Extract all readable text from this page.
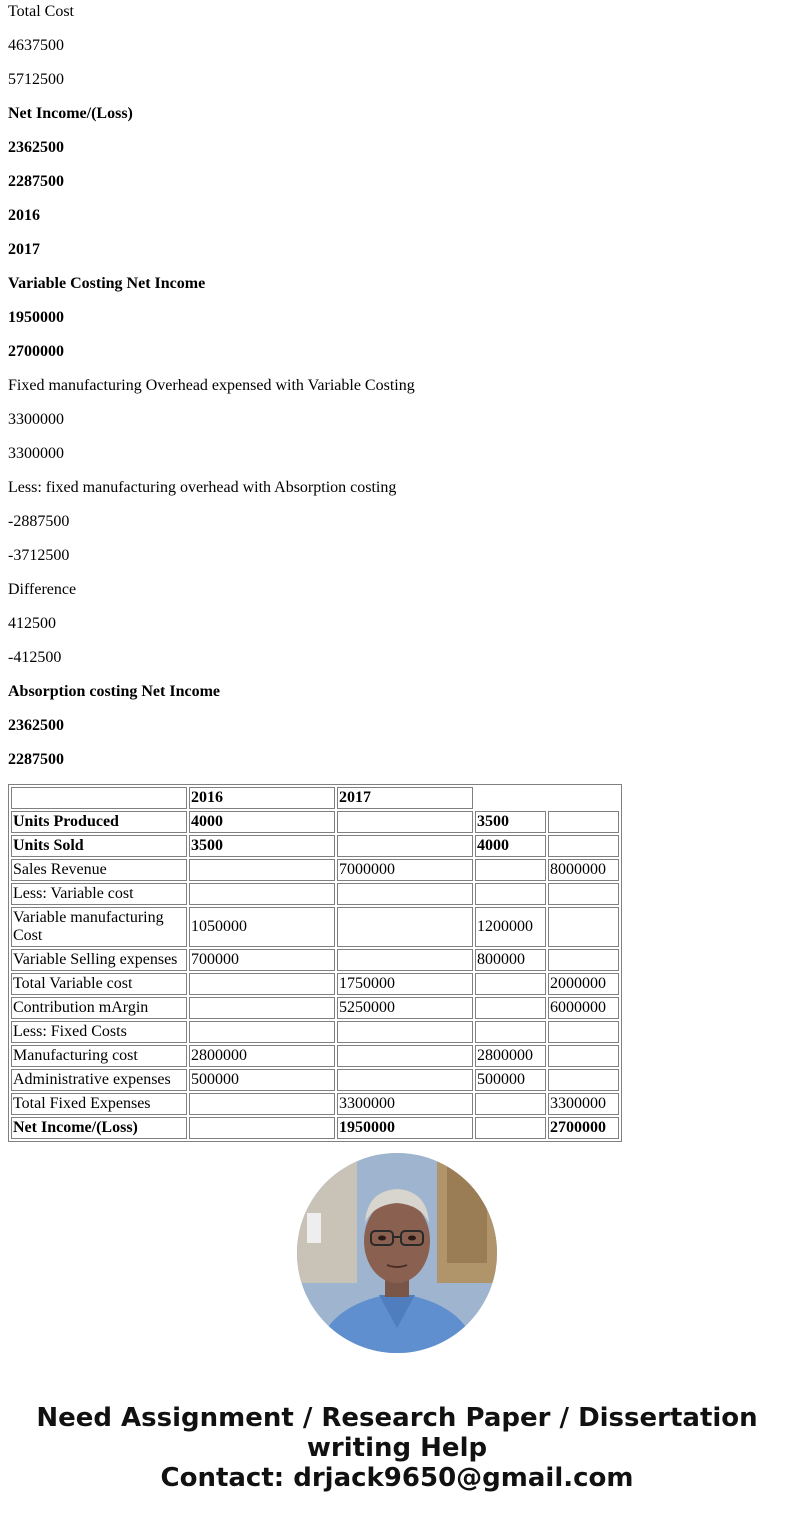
Total Cost
4637500
5712500
Net Income/(Loss)
2362500
2287500
2016
2017
Variable Costing Net Income
1950000
2700000
Fixed manufacturing Overhead expensed with Variable Costing
3300000
3300000
Less: fixed manufacturing overhead with Absorption costing
-2887500
-3712500
Difference
412500
-412500
Absorption costing Net Income
2362500
2287500
	2016	2017		
Units Produced	4000		3500	
Units Sold	3500		4000	
Sales Revenue		7000000		8000000
Less: Variable cost				
Variable manufacturing Cost	1050000		1200000	
Variable Selling expenses	700000		800000	
Total Variable cost		1750000		2000000
Contribution mArgin		5250000		6000000
Less: Fixed Costs				
Manufacturing cost	2800000		2800000	
Administrative expenses	500000		500000	
Total Fixed Expenses		3300000		3300000
Net Income/(Loss)		1950000		2700000
Need Assignment / Research Paper / Dissertation
writing Help
Contact: drjack9650@gmail.com
